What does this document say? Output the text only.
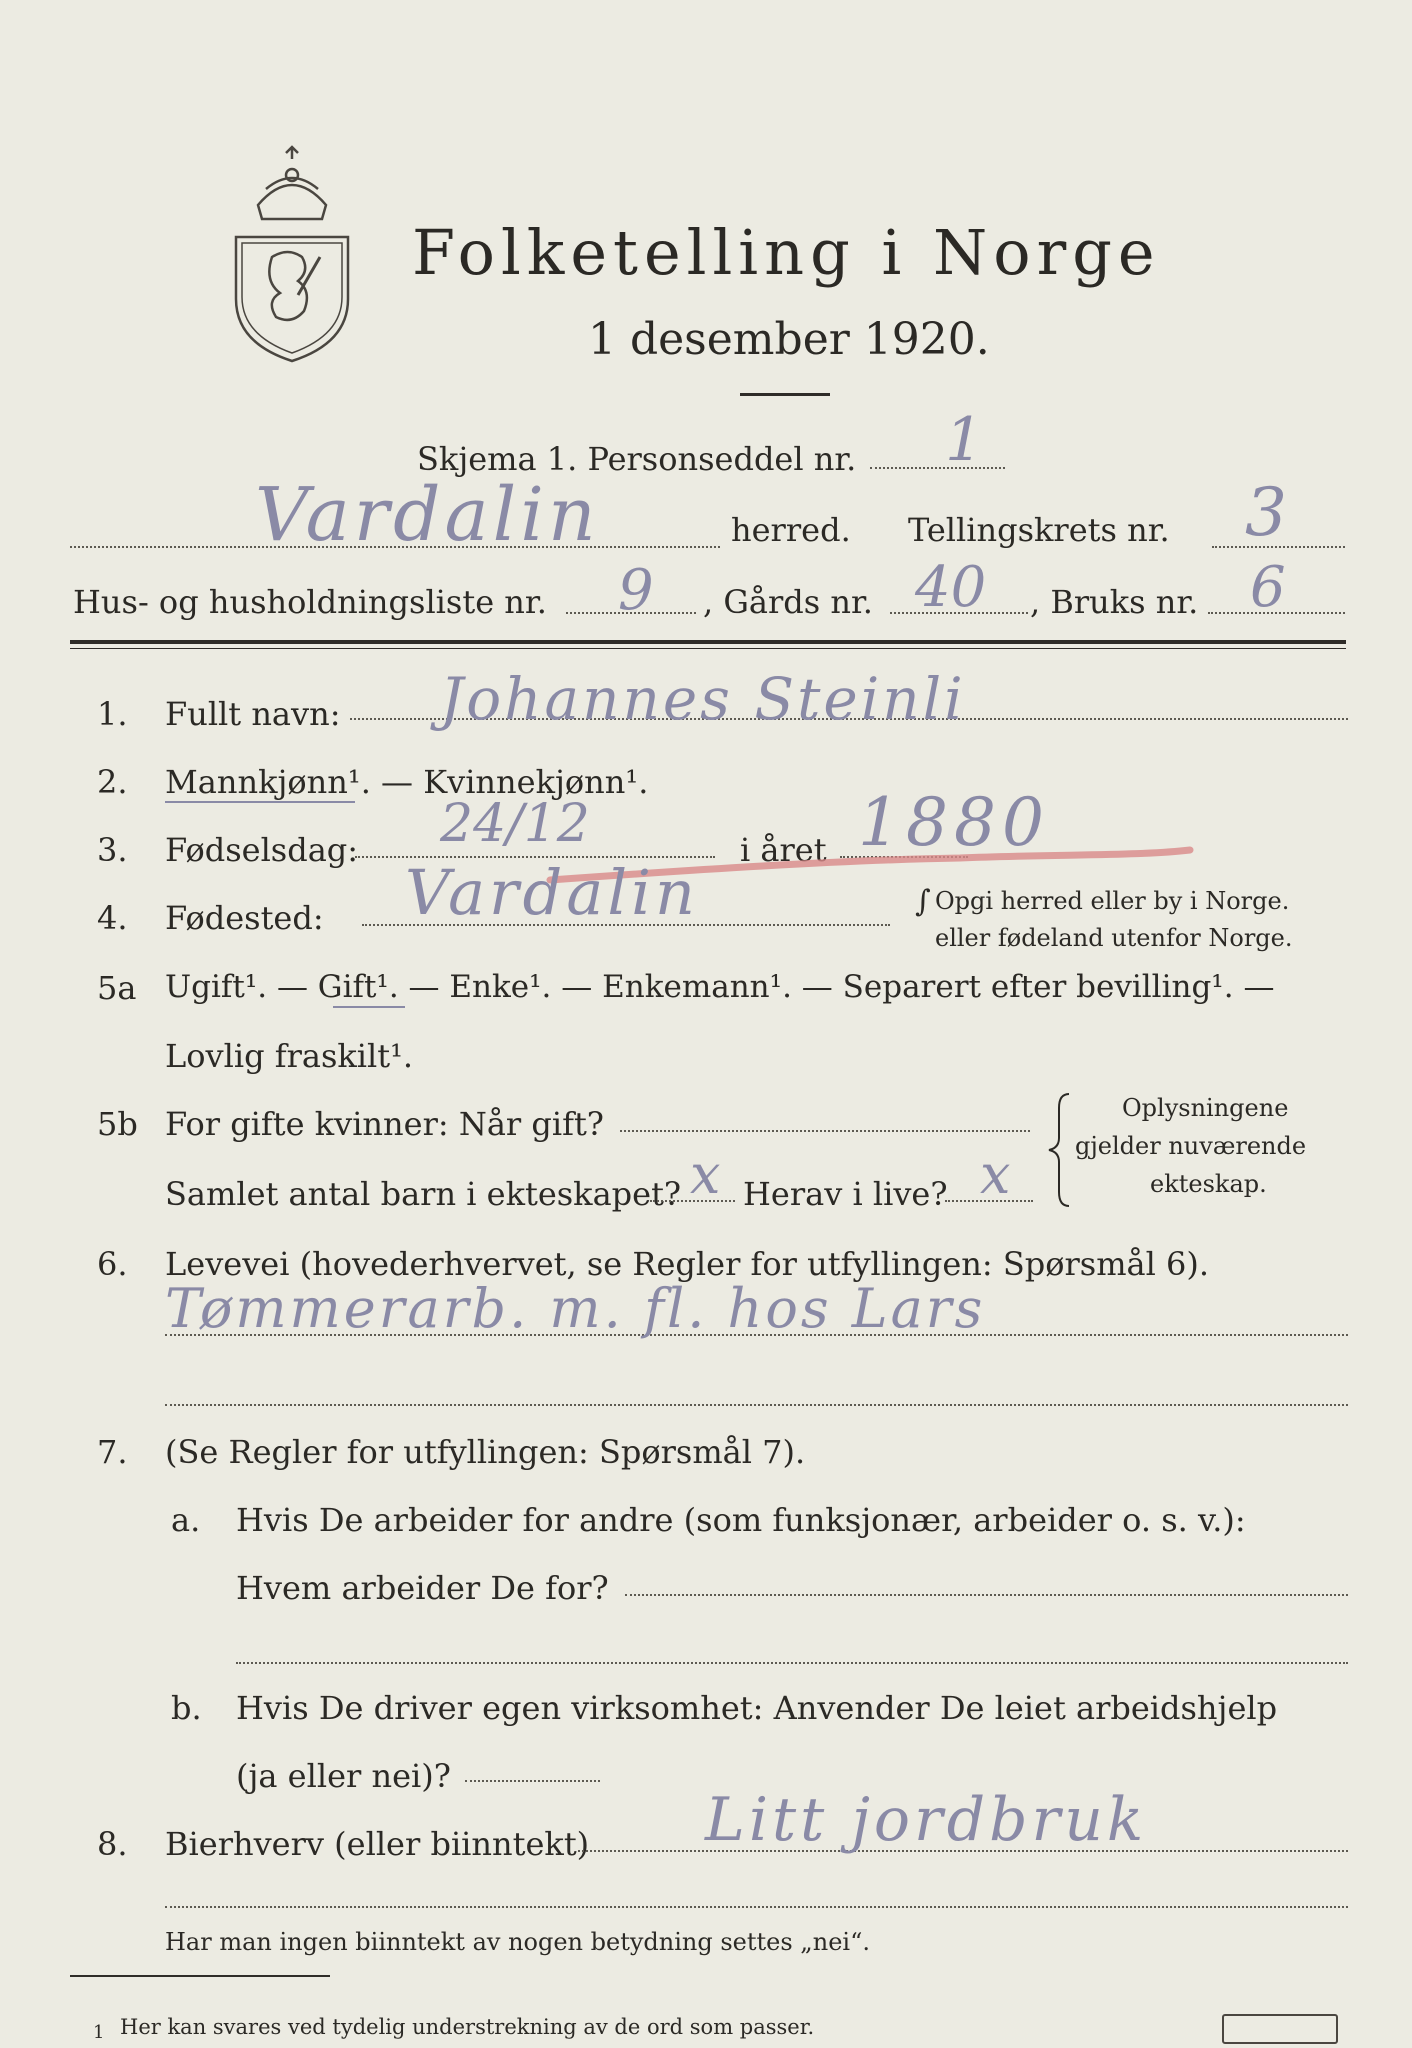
Folketelling i Norge
1 desember 1920.
Skjema 1. Personseddel nr. 1
Vardalin	herred. Tellingskrets nr. 3
Hus- og husholdningsliste nr. 9 , Gårds nr. 40 , Bruks nr. 6
1. Fullt navn: Johannes Steinli
2. Mannkjønn¹. — Kvinnekjønn¹.
3. Fødselsdag: 24/12	i året 1880
4. Fødested: Vardalin	∫ Opgi herred eller by i Norge.
eller fødeland utenfor Norge.
5a Ugift¹. — Gift¹. — Enke¹. — Enkemann¹. — Separert efter bevilling¹. —
Lovlig fraskilt¹.
5b For gifte kvinner: Når gift?
Samlet antal barn i ekteskapet? x Herav i live? x
Oplysningene
gjelder nuværende
ekteskap.
6. Levevei (hovederhvervet, se Regler for utfyllingen: Spørsmål 6).
Tømmerarb. m. fl. hos Lars
7. (Se Regler for utfyllingen: Spørsmål 7).
a. Hvis De arbeider for andre (som funksjonær, arbeider o. s. v.):
Hvem arbeider De for?
b. Hvis De driver egen virksomhet: Anvender De leiet arbeidshjelp
(ja eller nei)?
8. Bierhverv (eller biinntekt) Litt jordbruk
Har man ingen biinntekt av nogen betydning settes „nei“.
1 Her kan svares ved tydelig understrekning av de ord som passer.
